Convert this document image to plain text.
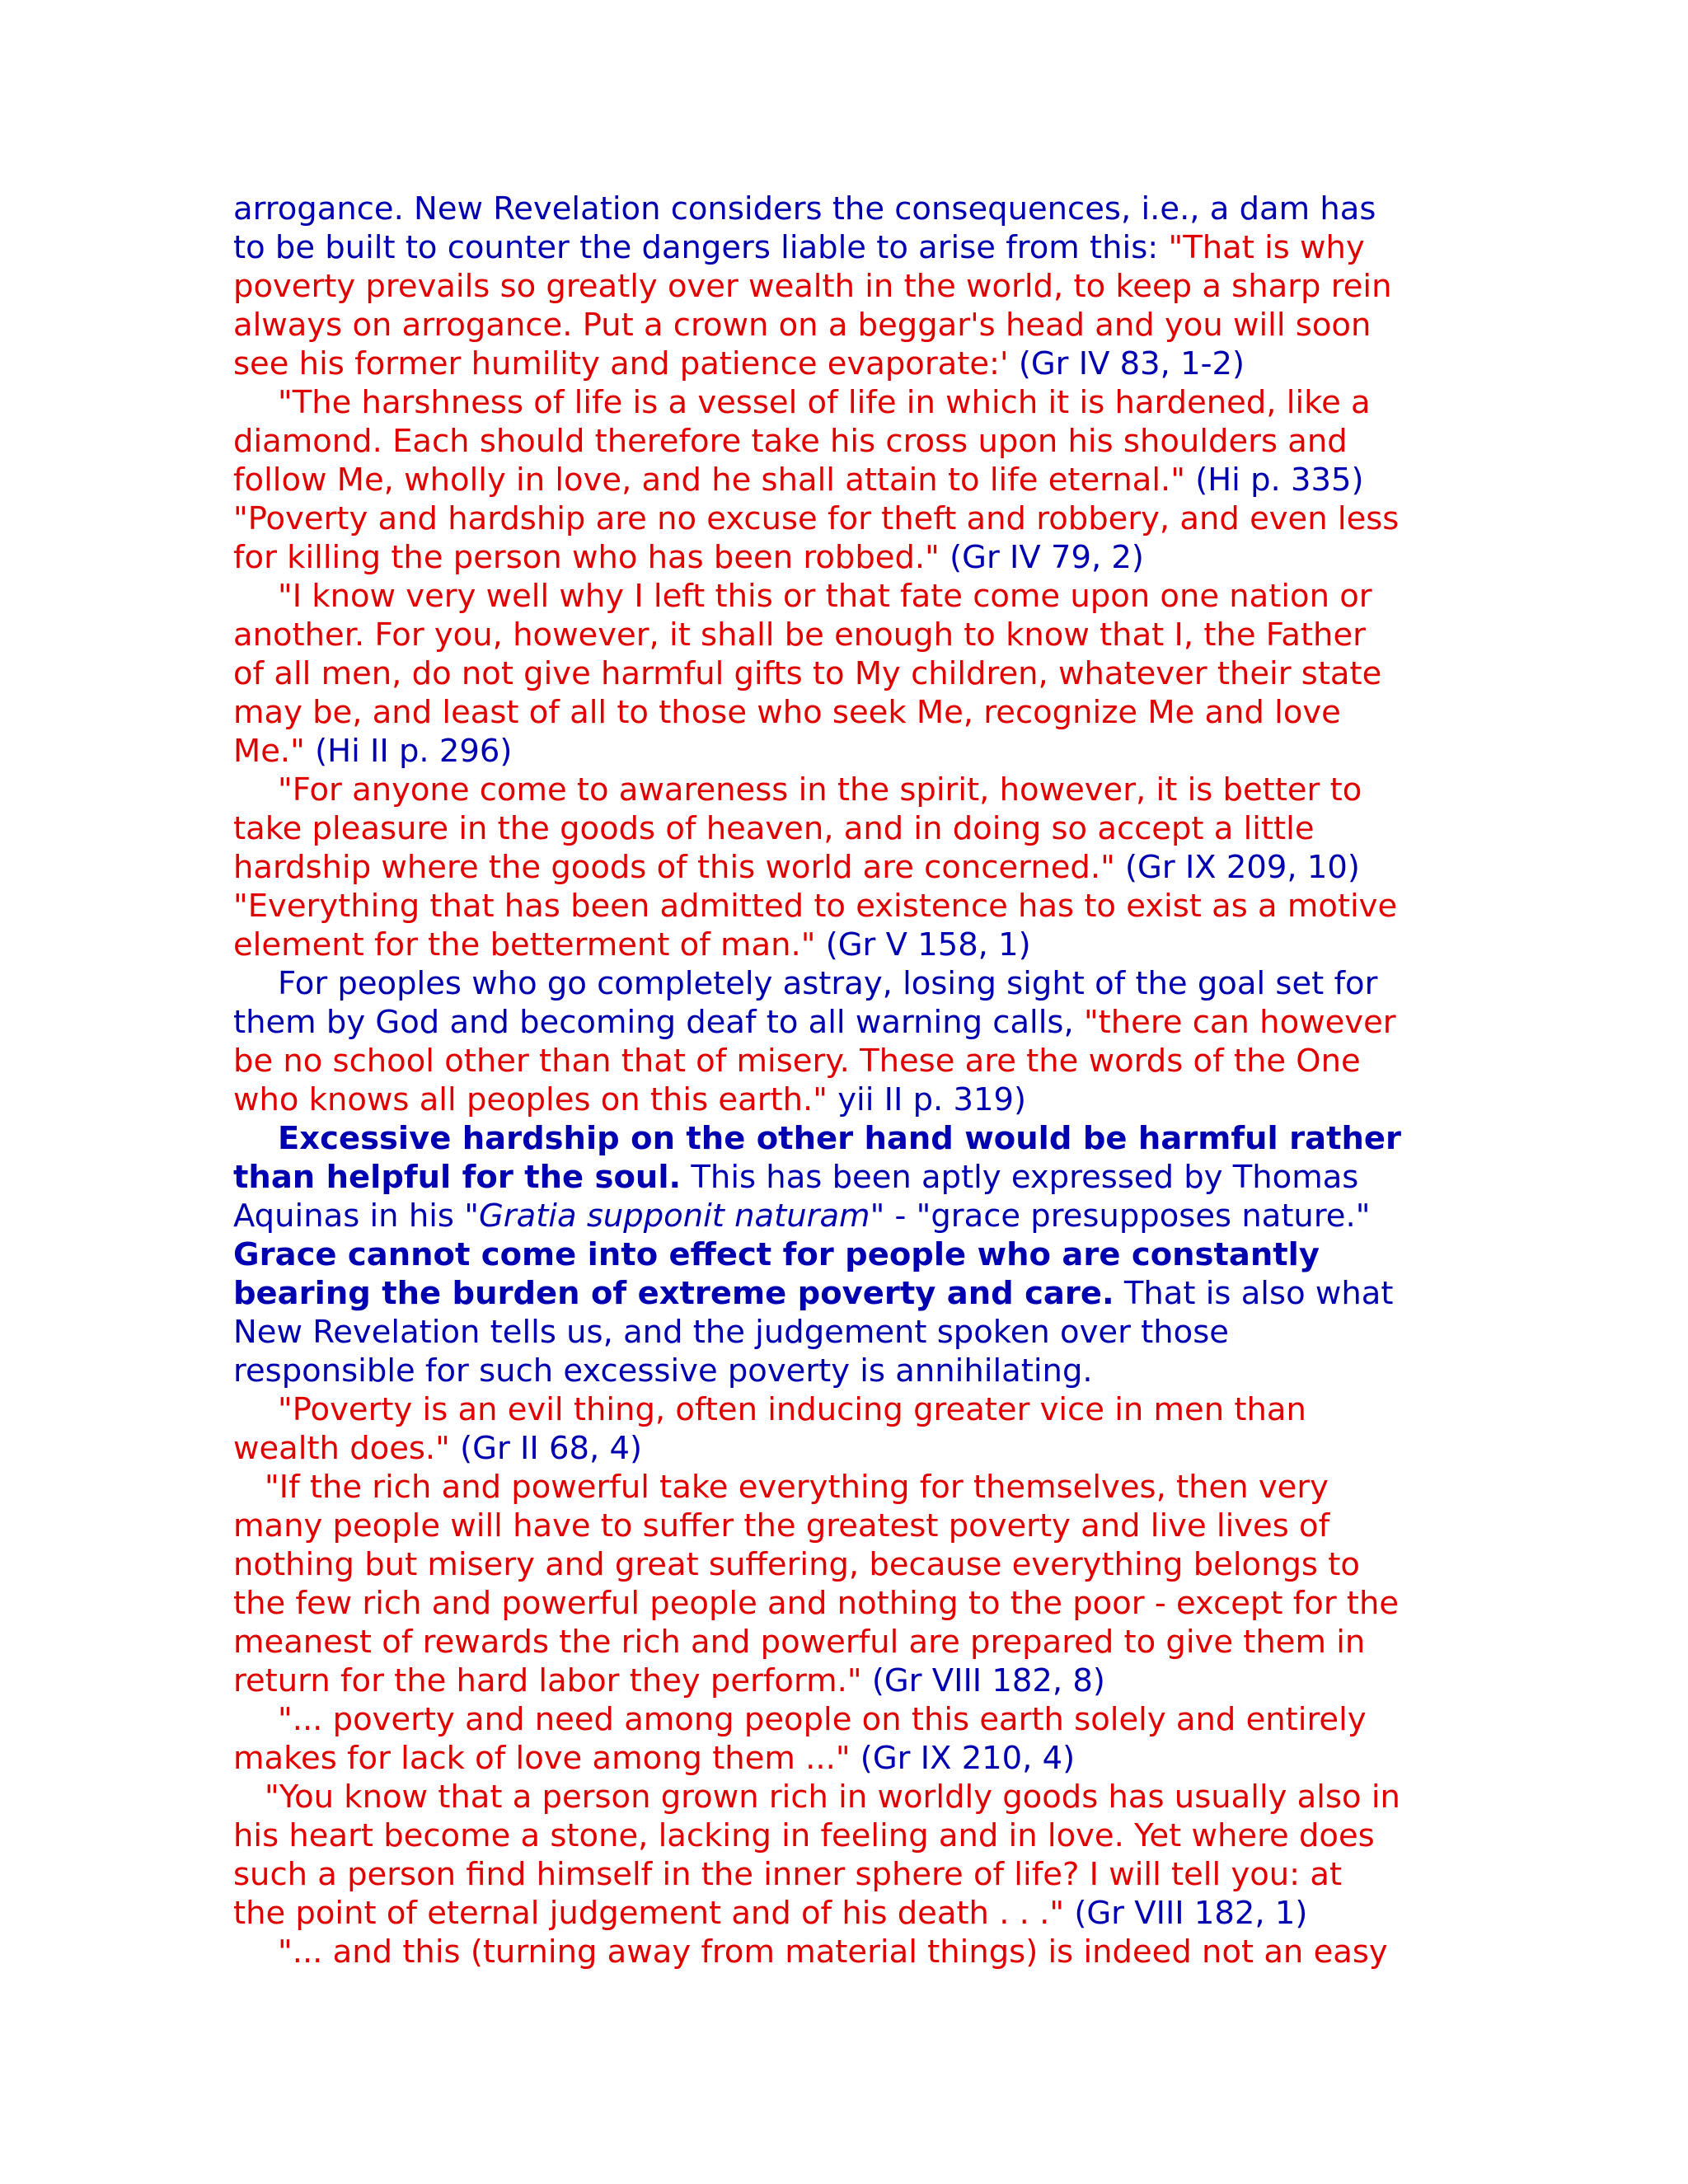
arrogance. New Revelation considers the consequences, i.e., a dam has
to be built to counter the dangers liable to arise from this: "That is why
poverty prevails so greatly over wealth in the world, to keep a sharp rein
always on arrogance. Put a crown on a beggar's head and you will soon
see his former humility and patience evaporate:' (Gr IV 83, 1-2)
"The harshness of life is a vessel of life in which it is hardened, like a
diamond. Each should therefore take his cross upon his shoulders and
follow Me, wholly in love, and he shall attain to life eternal." (Hi p. 335)
"Poverty and hardship are no excuse for theft and robbery, and even less
for killing the person who has been robbed." (Gr IV 79, 2)
"I know very well why I left this or that fate come upon one nation or
another. For you, however, it shall be enough to know that I, the Father
of all men, do not give harmful gifts to My children, whatever their state
may be, and least of all to those who seek Me, recognize Me and love
Me." (Hi II p. 296)
"For anyone come to awareness in the spirit, however, it is better to
take pleasure in the goods of heaven, and in doing so accept a little
hardship where the goods of this world are concerned." (Gr IX 209, 10)
"Everything that has been admitted to existence has to exist as a motive
element for the betterment of man." (Gr V 158, 1)
For peoples who go completely astray, losing sight of the goal set for
them by God and becoming deaf to all warning calls, "there can however
be no school other than that of misery. These are the words of the One
who knows all peoples on this earth." yii II p. 319)
Excessive hardship on the other hand would be harmful rather
than helpful for the soul. This has been aptly expressed by Thomas
Aquinas in his "Gratia supponit naturam" - "grace presupposes nature."
Grace cannot come into effect for people who are constantly
bearing the burden of extreme poverty and care. That is also what
New Revelation tells us, and the judgement spoken over those
responsible for such excessive poverty is annihilating.
"Poverty is an evil thing, often inducing greater vice in men than
wealth does." (Gr II 68, 4)
"If the rich and powerful take everything for themselves, then very
many people will have to suffer the greatest poverty and live lives of
nothing but misery and great suffering, because everything belongs to
the few rich and powerful people and nothing to the poor - except for the
meanest of rewards the rich and powerful are prepared to give them in
return for the hard labor they perform." (Gr VIII 182, 8)
"... poverty and need among people on this earth solely and entirely
makes for lack of love among them ..." (Gr IX 210, 4)
"You know that a person grown rich in worldly goods has usually also in
his heart become a stone, lacking in feeling and in love. Yet where does
such a person find himself in the inner sphere of life? I will tell you: at
the point of eternal judgement and of his death . . ." (Gr VIII 182, 1)
"... and this (turning away from material things) is indeed not an easy
